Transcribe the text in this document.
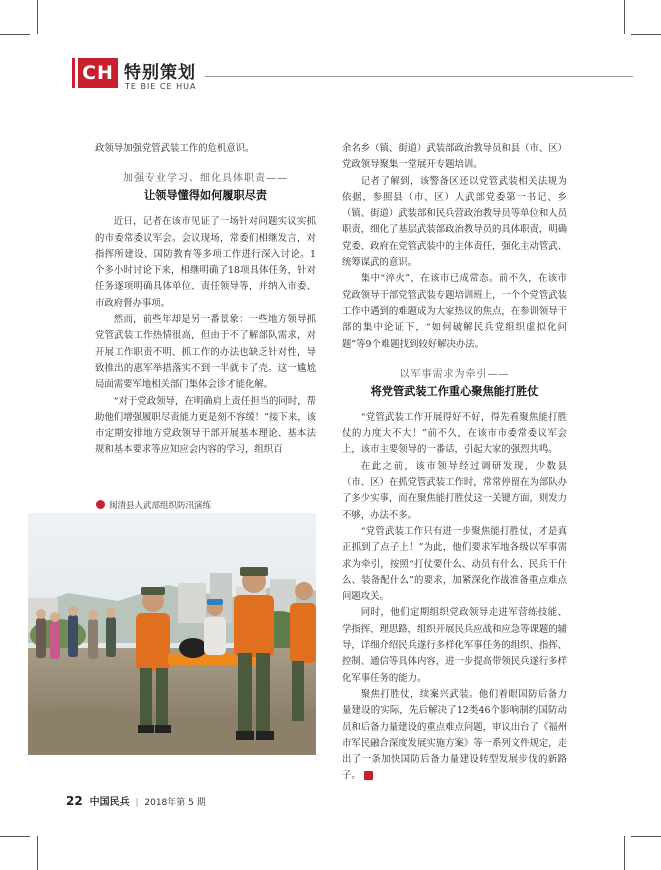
CH 特别策划
TE BIE CE HUA

政领导加强党管武装工作的危机意识。

加强专业学习、细化具体职责——
让领导懂得如何履职尽责

近日，记者在该市见证了一场针对问题实议实抓的市委常委议军会。会议现场，常委们相继发言，对指挥所建设、国防教育等多项工作进行深入讨论。1个多小时讨论下来，相继明确了18项具体任务，针对任务逐项明确具体单位、责任领导等，并纳入市委、市政府督办事项。

然而，前些年却是另一番景象：一些地方领导抓党管武装工作热情很高，但由于不了解部队需求，对开展工作职责不明、抓工作的办法也缺乏针对性，导致推出的惠军举措落实不到一半就卡了壳。这一尴尬局面需要军地相关部门集体会诊才能化解。

“对于党政领导，在明确肩上责任担当的同时，帮助他们增强履职尽责能力更是刻不容缓！”接下来，该市定期安排地方党政领导干部开展基本理论、基本法规和基本要求等应知应会内容的学习，组织百

闽清县人武部组织防汛演练

余名乡（镇、街道）武装部政治教导员和县（市、区）党政领导聚集一堂展开专题培训。

记者了解到，该警备区还以党管武装相关法规为依据，参照县（市、区）人武部党委第一书记、乡（镇、街道）武装部和民兵营政治教导员等单位和人员职责，细化了基层武装部政治教导员的具体职责，明确党委、政府在党管武装中的主体责任，强化主动管武、统筹谋武的意识。

集中“淬火”，在该市已成常态。前不久，在该市党政领导干部党管武装专题培训班上，一个个党管武装工作中遇到的难题成为大家热议的焦点，在参训领导干部的集中论证下，“如何破解民兵党组织虚拟化问题”等9个难题找到较好解决办法。

以军事需求为牵引——
将党管武装工作重心聚焦能打胜仗

“党管武装工作开展得好不好，得先看聚焦能打胜仗的力度大不大！”前不久，在该市市委常委议军会上，该市主要领导的一番话，引起大家的强烈共鸣。

在此之前，该市领导经过调研发现，少数县（市、区）在抓党管武装工作时，常常停留在为部队办了多少实事，而在聚焦能打胜仗这一关键方面，则发力不够，办法不多。

“党管武装工作只有进一步聚焦能打胜仗，才是真正抓到了点子上！”为此，他们要求军地各级以军事需求为牵引，按照“打仗要什么、动员有什么、民兵干什么、装备配什么”的要求，加紧深化作战准备重点难点问题攻关。

同时，他们定期组织党政领导走进军营练技能、学指挥、理思路，组织开展民兵应战和应急等课题的辅导，详细介绍民兵遂行多样化军事任务的组织、指挥、控制、通信等具体内容，进一步提高带领民兵遂行多样化军事任务的能力。

聚焦打胜仗，续案兴武装。他们着眼国防后备力量建设的实际，先后解决了12类46个影响制约国防动员和后备力量建设的重点难点问题，审议出台了《福州市军民融合深度发展实施方案》等一系列文件规定，走出了一条加快国防后备力量建设转型发展步伐的新路子。	◆

22 中国民兵 | 2018年第 5 期
